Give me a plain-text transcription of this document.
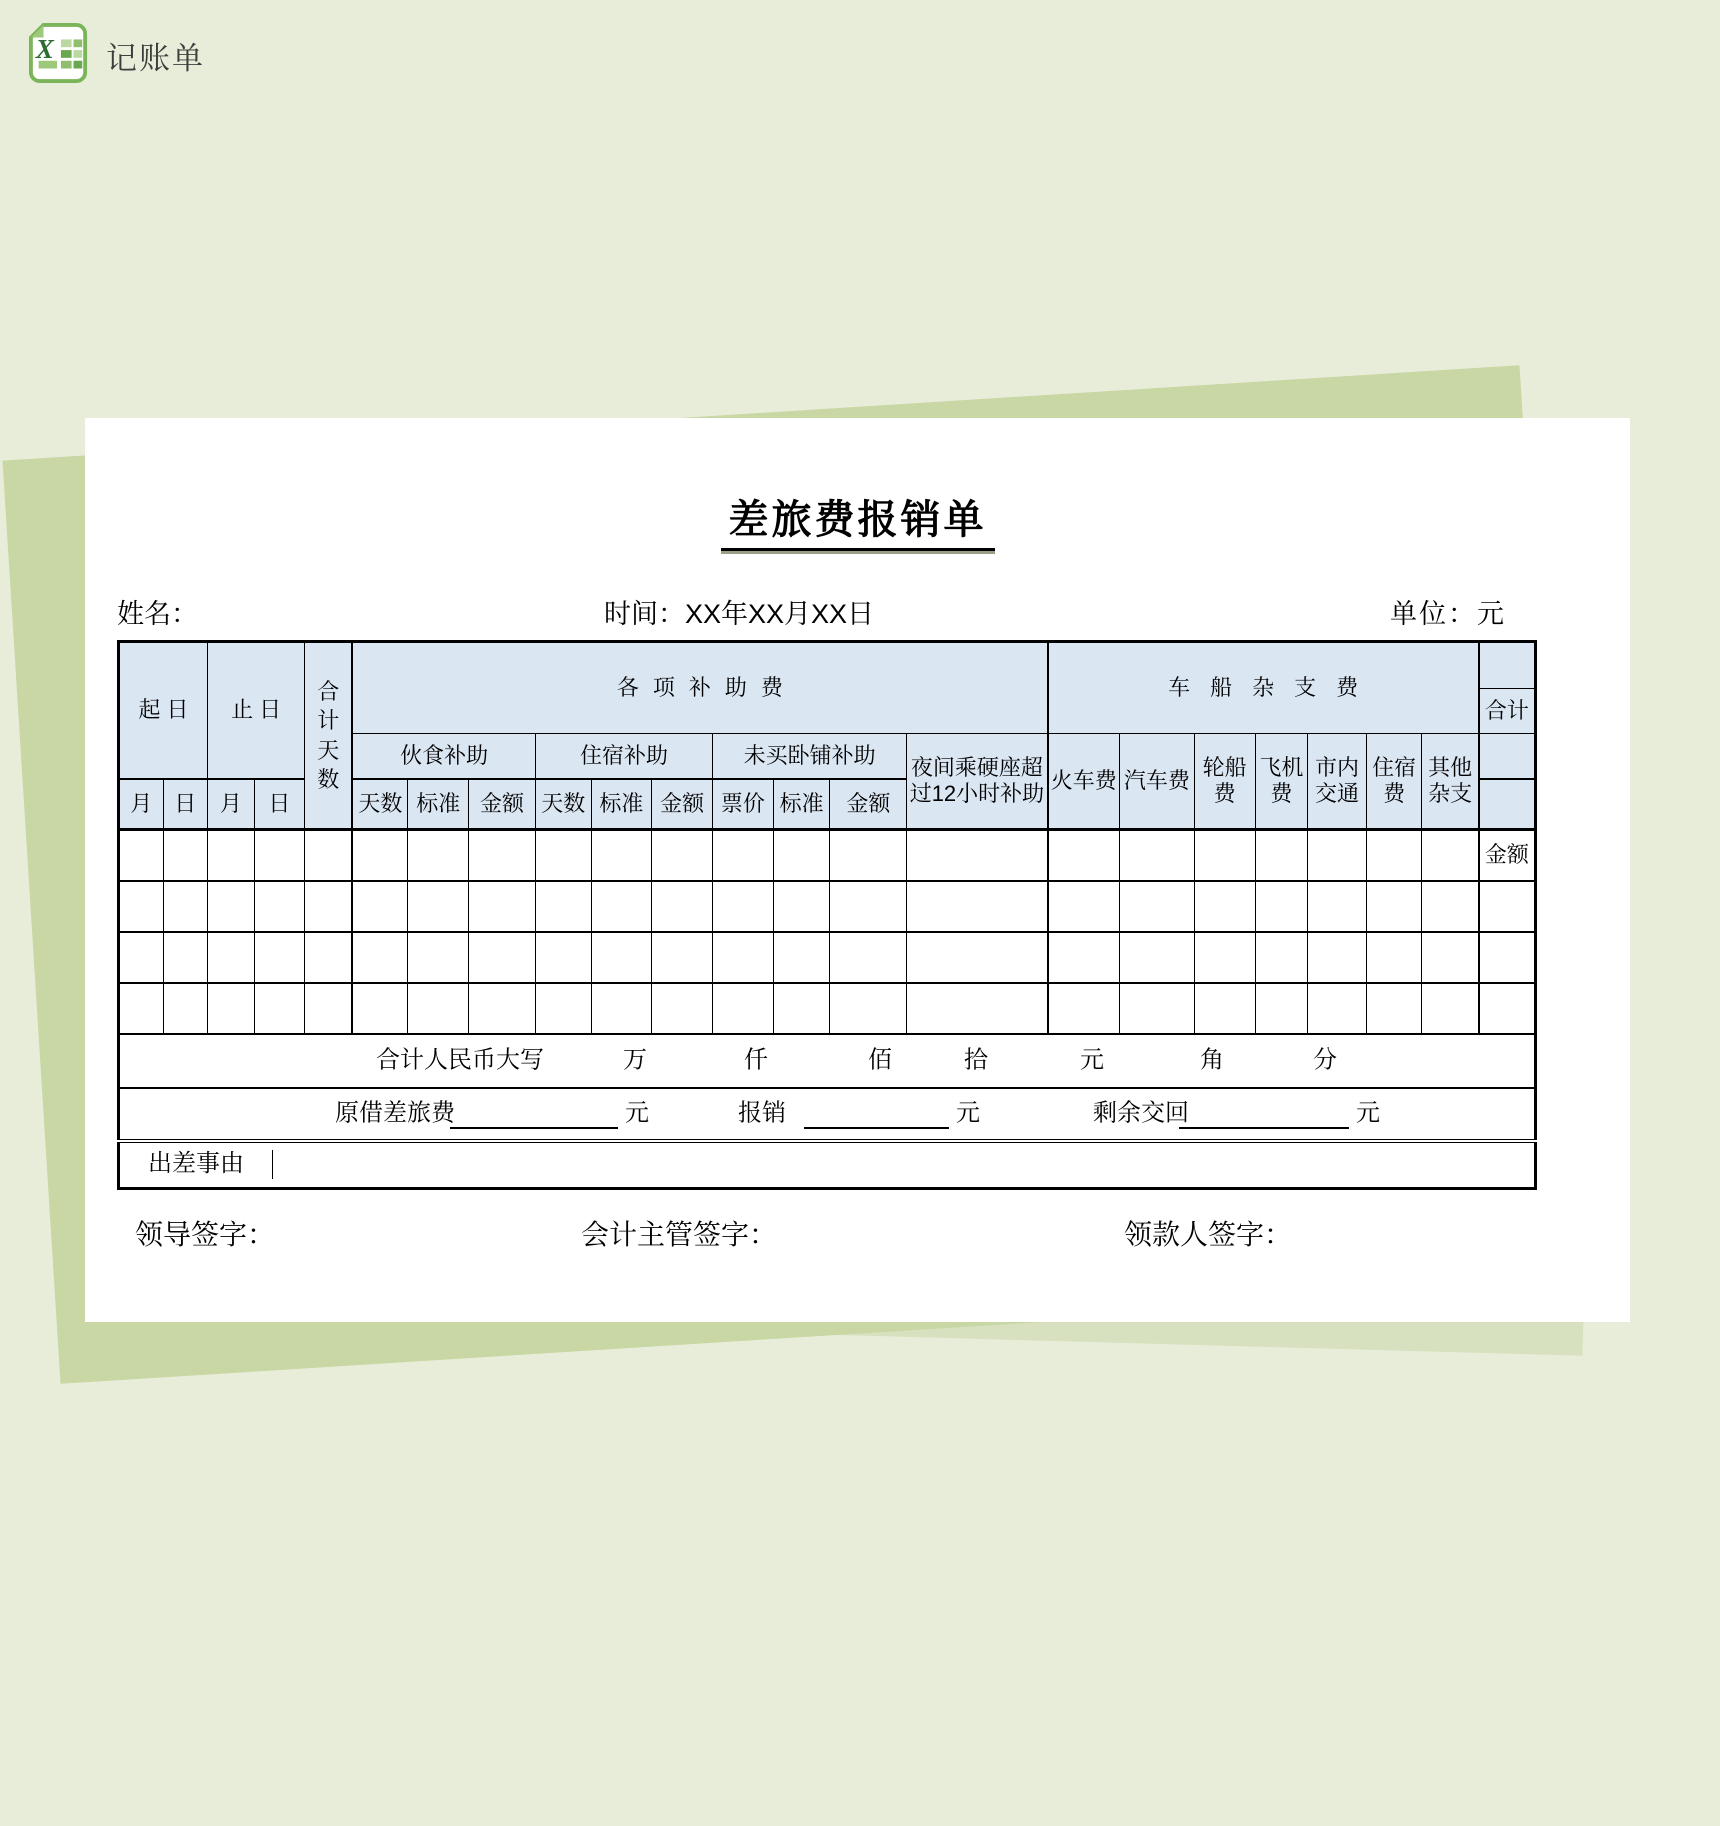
X 记账单
差旅费报销单
姓名：	时间：XX年XX月XX日	单位：元
起日		止日		合计天数	各项补助费										车船杂支费							
																						合计
					伙食补助			住宿补助			未买卧铺补助			夜间乘硬座超过12小时补助	火车费	汽车费	轮船费	飞机费	市内交通	住宿费	其他杂支	
月	日	月	日		天数	标准	金额	天数	标准	金额	票价	标准	金额									
																						金额

合计人民币大写	万	仟	佰	拾	元	角	分

原借差旅费	元	报销	元	剩余交回	元

出差事由																						
领导签字：	会计主管签字：	领款人签字：
